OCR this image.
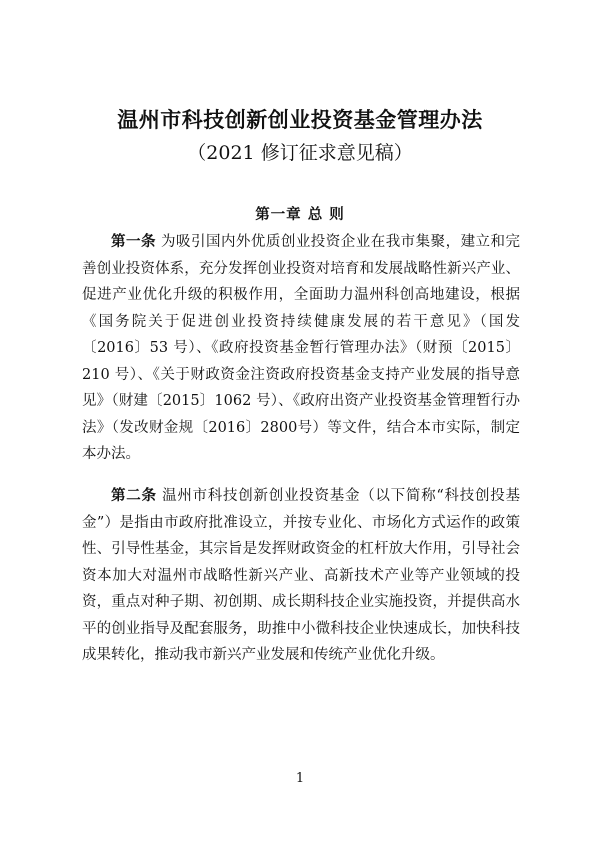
温州市科技创新创业投资基金管理办法
（2021 修订征求意见稿）
第一章 总 则

第一条 为吸引国内外优质创业投资企业在我市集聚，建立和完善创业投资体系，充分发挥创业投资对培育和发展战略性新兴产业、促进产业优化升级的积极作用，全面助力温州科创高地建设，根据《国务院关于促进创业投资持续健康发展的若干意见》（国发〔2016〕53 号）、《政府投资基金暂行管理办法》（财预〔2015〕210 号）、《关于财政资金注资政府投资基金支持产业发展的指导意见》（财建〔2015〕1062 号）、《政府出资产业投资基金管理暂行办法》（发改财金规〔2016〕2800号）等文件，结合本市实际，制定本办法。

第二条 温州市科技创新创业投资基金（以下简称“科技创投基金”）是指由市政府批准设立，并按专业化、市场化方式运作的政策性、引导性基金，其宗旨是发挥财政资金的杠杆放大作用，引导社会资本加大对温州市战略性新兴产业、高新技术产业等产业领域的投资，重点对种子期、初创期、成长期科技企业实施投资，并提供高水平的创业指导及配套服务，助推中小微科技企业快速成长，加快科技成果转化，推动我市新兴产业发展和传统产业优化升级。

1
